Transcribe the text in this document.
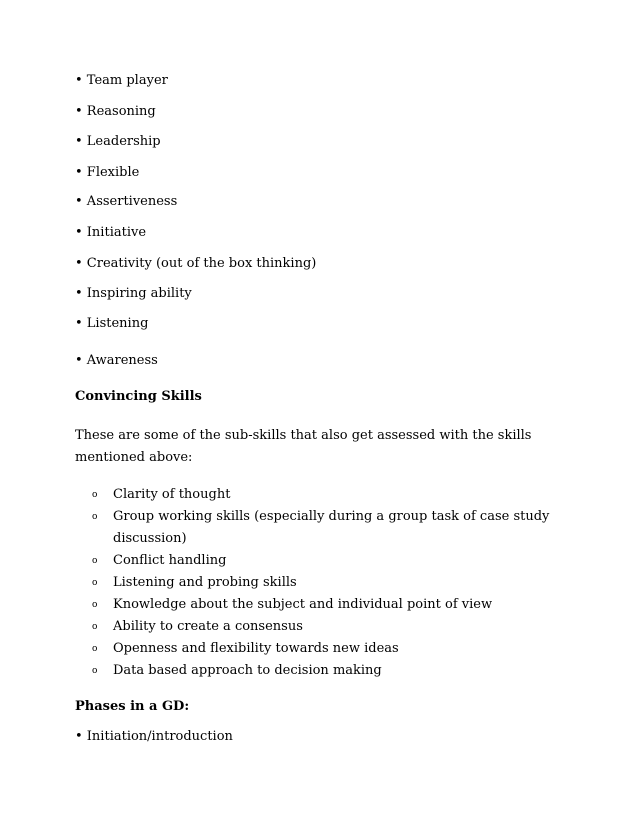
• Team player
• Reasoning
• Leadership
• Flexible
• Assertiveness
• Initiative
• Creativity (out of the box thinking)
• Inspiring ability
• Listening
• Awareness
Convincing Skills
These are some of the sub-skills that also get assessed with the skills
mentioned above:
o Clarity of thought
o Group working skills (especially during a group task of case study
discussion)
o Conflict handling
o Listening and probing skills
o Knowledge about the subject and individual point of view
o Ability to create a consensus
o Openness and flexibility towards new ideas
o Data based approach to decision making
Phases in a GD:
• Initiation/introduction
